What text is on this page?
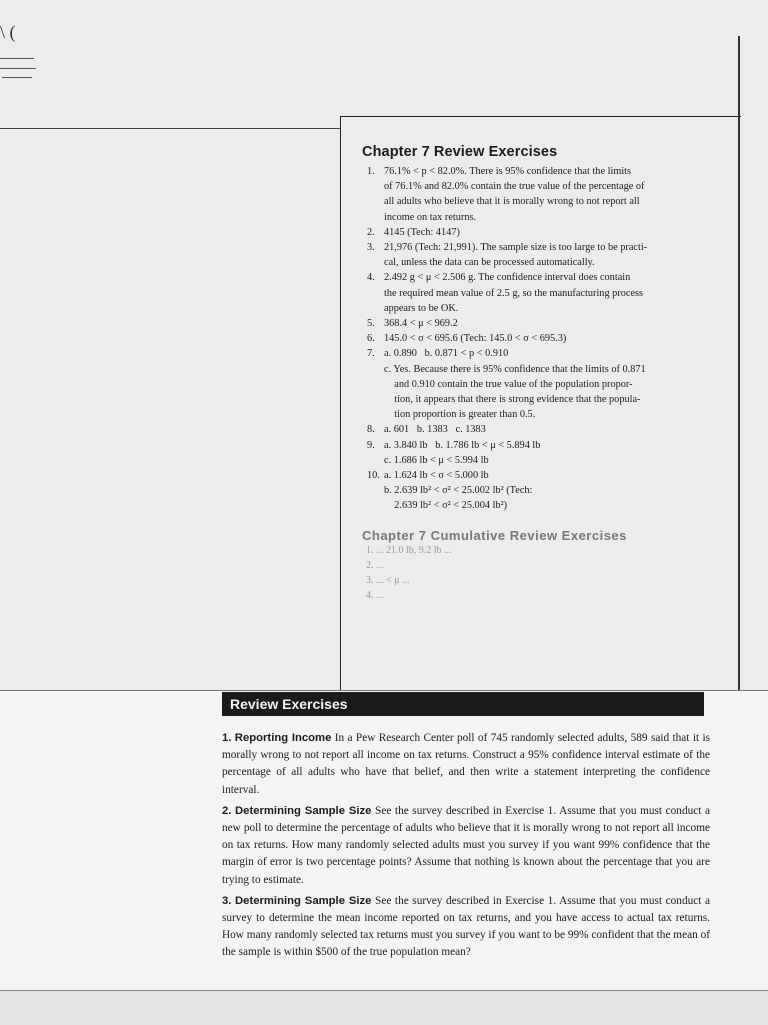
\ (
Chapter 7 Review Exercises
1. 76.1% < p < 82.0%. There is 95% confidence that the limits
of 76.1% and 82.0% contain the true value of the percentage of
all adults who believe that it is morally wrong to not report all
income on tax returns.
2. 4145 (Tech: 4147)
3. 21,976 (Tech: 21,991). The sample size is too large to be practi-
cal, unless the data can be processed automatically.
4. 2.492 g < μ < 2.506 g. The confidence interval does contain
the required mean value of 2.5 g, so the manufacturing process
appears to be OK.
5. 368.4 < μ < 969.2
6. 145.0 < σ < 695.6 (Tech: 145.0 < σ < 695.3)
7. a. 0.890   b. 0.871 < p < 0.910
c. Yes. Because there is 95% confidence that the limits of 0.871
and 0.910 contain the true value of the population propor-
tion, it appears that there is strong evidence that the popula-
tion proportion is greater than 0.5.
8. a. 601   b. 1383   c. 1383
9. a. 3.840 lb   b. 1.786 lb < μ < 5.894 lb
c. 1.686 lb < μ < 5.994 lb
10. a. 1.624 lb < σ < 5.000 lb
b. 2.639 lb² < σ² < 25.002 lb² (Tech:
2.639 lb² < σ² < 25.004 lb²)
Chapter 7 Cumulative Review Exercises
1. ... 21.0 lb, 9.2 lb ...
2. ...
3. ... < μ ...
4. ...
Review Exercises
1. Reporting Income In a Pew Research Center poll of 745 randomly selected adults, 589 said that it is morally wrong to not report all income on tax returns. Construct a 95% confidence interval estimate of the percentage of all adults who have that belief, and then write a statement interpreting the confidence interval.
2. Determining Sample Size See the survey described in Exercise 1. Assume that you must conduct a new poll to determine the percentage of adults who believe that it is morally wrong to not report all income on tax returns. How many randomly selected adults must you survey if you want 99% confidence that the margin of error is two percentage points? Assume that nothing is known about the percentage that you are trying to estimate.
3. Determining Sample Size See the survey described in Exercise 1. Assume that you must conduct a survey to determine the mean income reported on tax returns, and you have access to actual tax returns. How many randomly selected tax returns must you survey if you want to be 99% confident that the mean of the sample is within $500 of the true population mean?
